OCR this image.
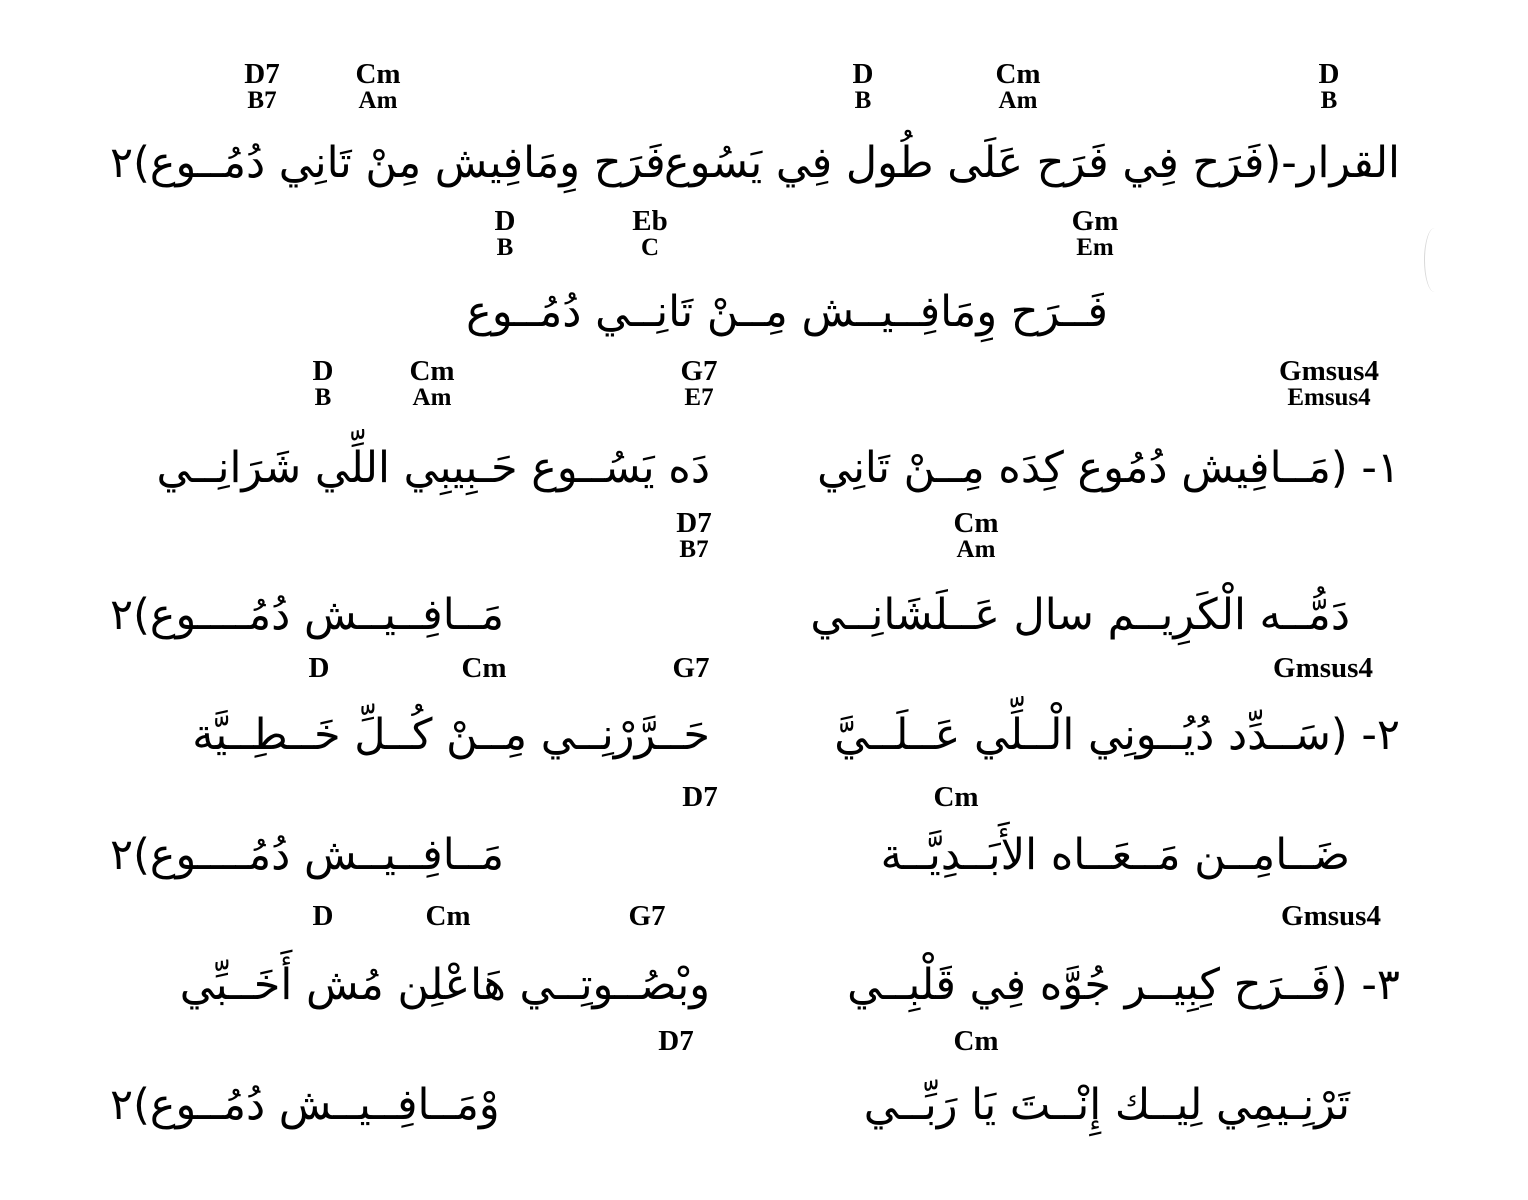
D7
B7
Cm
Am
D
B
Cm
Am
D
B
القرار-(فَرَح فِي فَرَح عَلَى طُول فِي يَسُوع
فَرَح وِمَافِيش مِنْ تَانِي دُمُــوع)٢
D
B
Eb
C
Gm
Em
فَــرَح وِمَافِــيــش مِــنْ تَانِــي دُمُــوع
D
B
Cm
Am
G7
E7
Gmsus4
Emsus4
١- (مَــافِيش دُمُوع كِدَه مِــنْ تَانِي
دَه يَسُــوع حَـبِيبِي اللِّي شَرَانِــي
D7
B7
Cm
Am
دَمُّــه الْكَرِيــم سال عَــلَشَانِــي
مَــافِــيــش دُمُــــوع)٢
D	Cm	G7	Gmsus4
٢- (سَــدِّد دُيُــونِي الْــلِّي عَــلَــيَّ
حَــرَّرْنِــي مِــنْ كُــلِّ خَــطِــيَّة
D7	Cm
ضَــامِــن مَــعَــاه الأَبَــدِيَّــة
مَــافِــيــش دُمُــــوع)٢
D	Cm	G7	Gmsus4
٣- (فَــرَح كِبِيــر جُوَّه فِي قَلْبِــي
وبْصُــوتِــي هَاعْلِن مُش أَخَــبِّي
D7	Cm
تَرْنِـيمِي لِيــك إِنْــتَ يَا رَبِّــي
وْمَــافِــيــش دُمُــوع)٢
